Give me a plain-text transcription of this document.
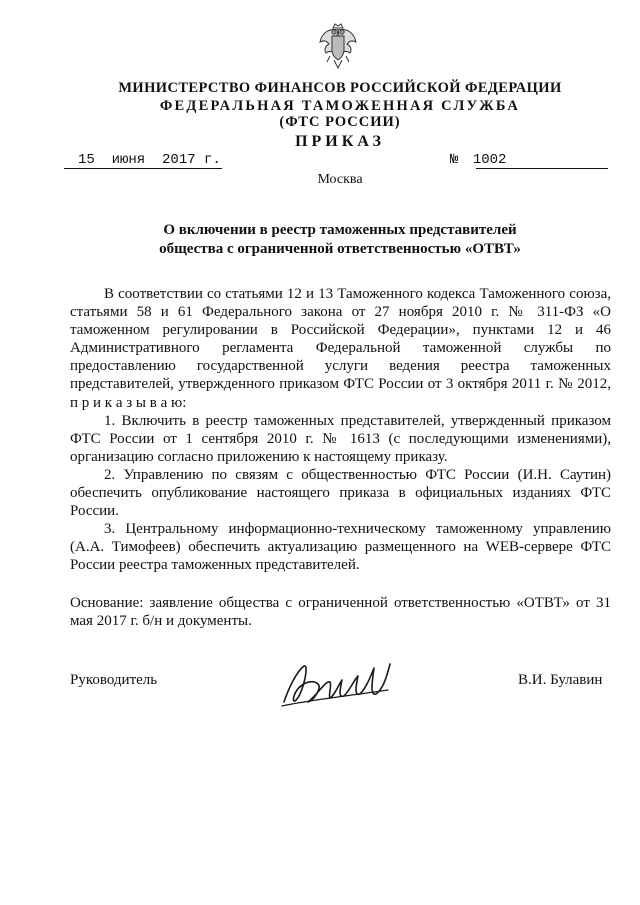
МИНИСТЕРСТВО ФИНАНСОВ РОССИЙСКОЙ ФЕДЕРАЦИИ
ФЕДЕРАЛЬНАЯ ТАМОЖЕННАЯ СЛУЖБА
(ФТС РОССИИ)
ПРИКАЗ
15  июня  2017 г.	№ 1002
Москва
О включении в реестр таможенных представителей
общества с ограниченной ответственностью «ОТВТ»

В соответствии со статьями 12 и 13 Таможенного кодекса Таможенного союза, статьями 58 и 61 Федерального закона от 27 ноября 2010 г. № 311-ФЗ «О таможенном регулировании в Российской Федерации», пунктами 12 и 46 Административного регламента Федеральной таможенной службы по предоставлению государственной услуги ведения реестра таможенных представителей, утвержденного приказом ФТС России от 3 октября 2011 г. № 2012, п р и к а з ы в а ю:

1. Включить в реестр таможенных представителей, утвержденный приказом ФТС России от 1 сентября 2010 г. № 1613 (с последующими изменениями), организацию согласно приложению к настоящему приказу.

2. Управлению по связям с общественностью ФТС России (И.Н. Саутин) обеспечить опубликование настоящего приказа в официальных изданиях ФТС России.

3. Центральному информационно-техническому таможенному управлению (А.А. Тимофеев) обеспечить актуализацию размещенного на WEB-сервере ФТС России реестра таможенных представителей.

Основание: заявление общества с ограниченной ответственностью «ОТВТ» от 31 мая 2017 г. б/н и документы.

Руководитель	В.И. Булавин
